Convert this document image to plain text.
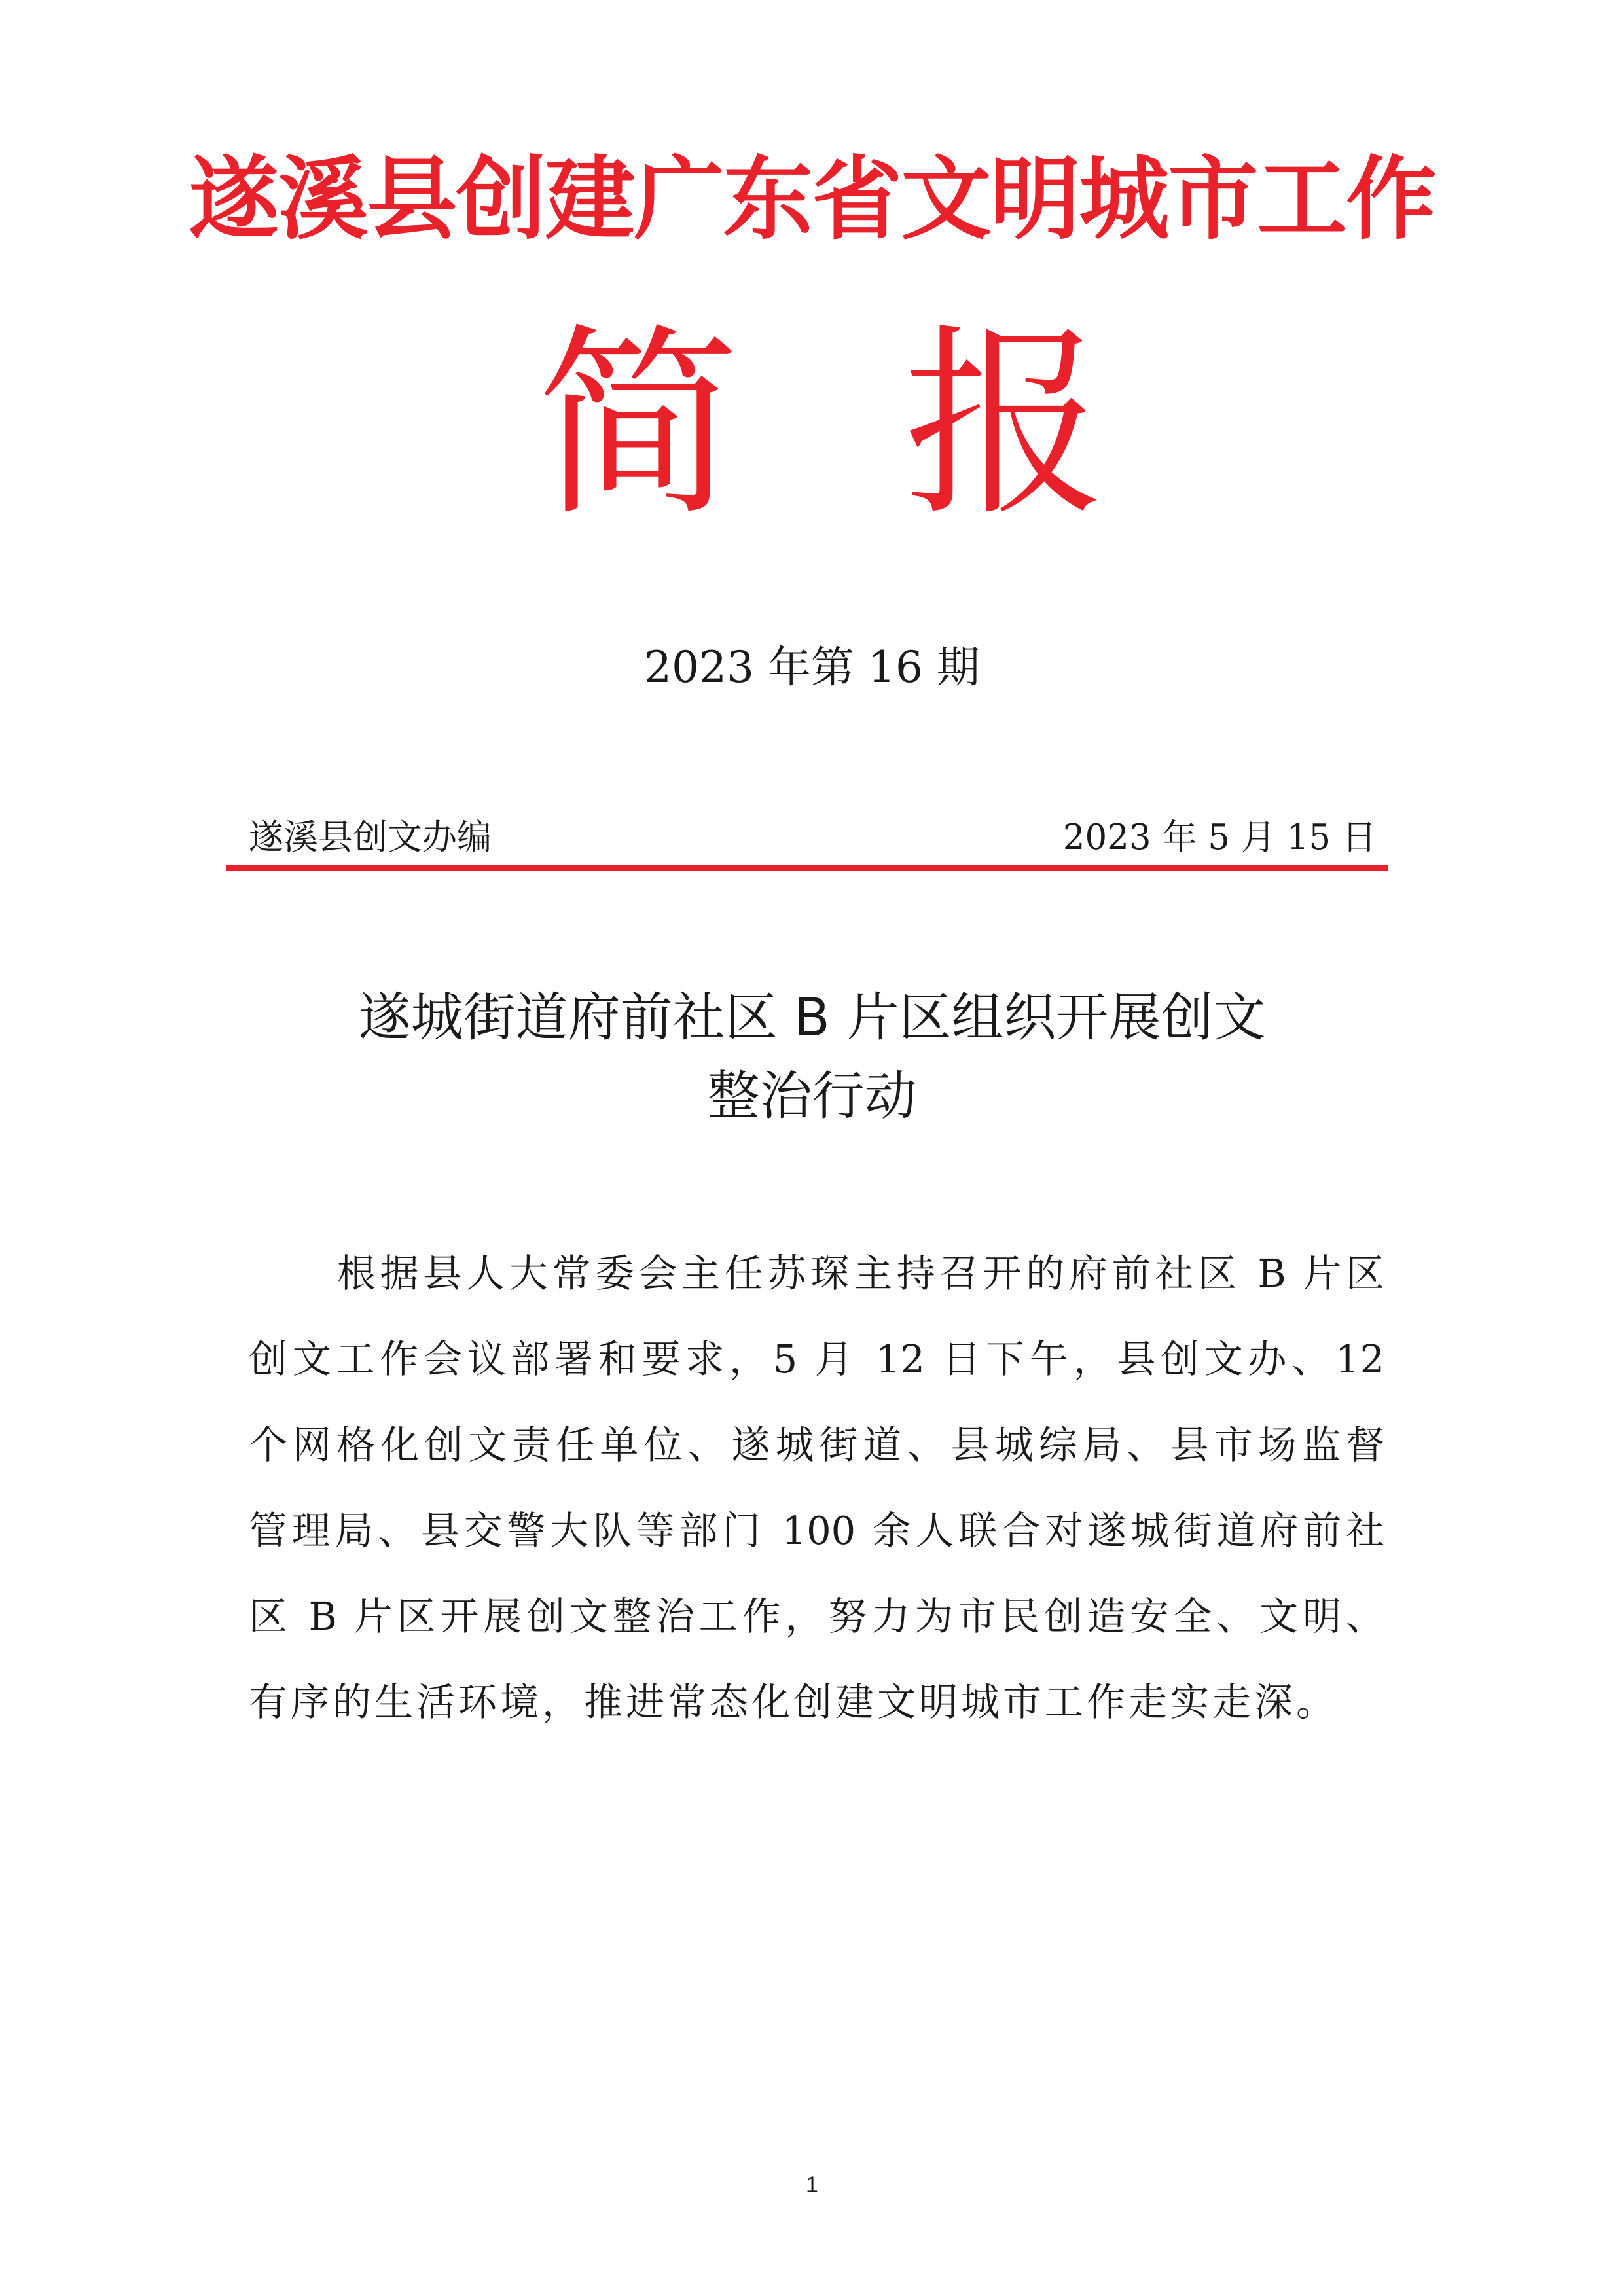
遂溪县创建广东省文明城市工作
简 报
2023 年第 16 期
遂溪县创文办编	2023 年 5 月 15 日
遂城街道府前社区 B 片区组织开展创文
整治行动
根据县人大常委会主任苏琛主持召开的府前社区 B 片区
创文工作会议部署和要求，5 月 12 日下午，县创文办、12
个网格化创文责任单位、遂城街道、县城综局、县市场监督
管理局、县交警大队等部门 100 余人联合对遂城街道府前社
区 B 片区开展创文整治工作，努力为市民创造安全、文明、
有序的生活环境，推进常态化创建文明城市工作走实走深。
1
